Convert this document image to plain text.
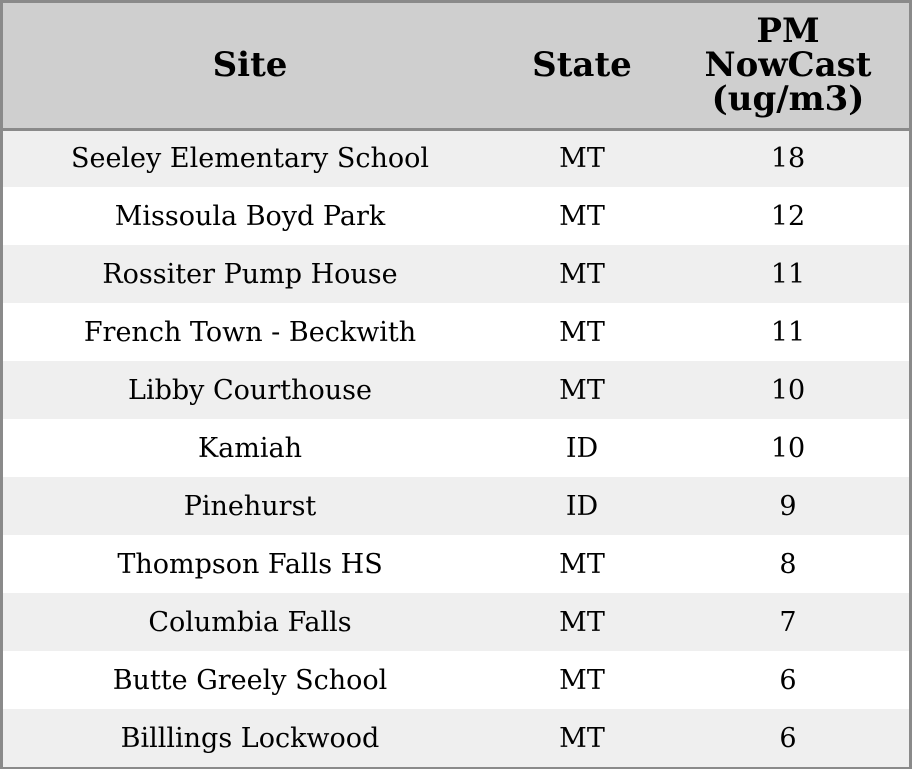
Site	State	PM
NowCast
(ug/m3)

Seeley Elementary School	MT	18
Missoula Boyd Park	MT	12
Rossiter Pump House	MT	11
French Town - Beckwith	MT	11
Libby Courthouse	MT	10
Kamiah	ID	10
Pinehurst	ID	9
Thompson Falls HS	MT	8
Columbia Falls	MT	7
Butte Greely School	MT	6
Billlings Lockwood	MT	6
